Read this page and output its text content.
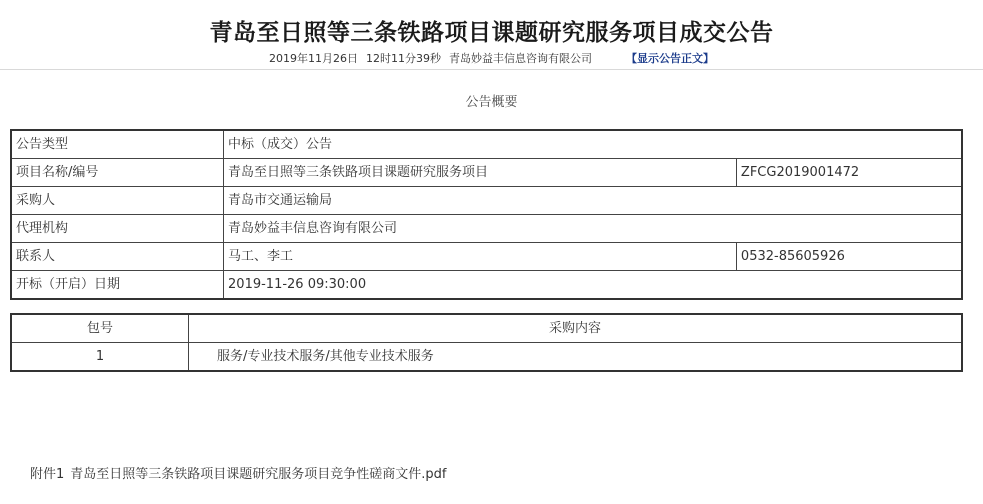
青岛至日照等三条铁路项目课题研究服务项目成交公告
2019年11月26日 12时11分39秒 青岛妙益丰信息咨询有限公司	【显示公告正文】
公告概要
公告类型	中标（成交）公告	
项目名称/编号	青岛至日照等三条铁路项目课题研究服务项目	ZFCG2019001472
采购人	青岛市交通运输局	
代理机构	青岛妙益丰信息咨询有限公司	
联系人	马工、李工	0532-85605926
开标（开启）日期	2019-11-26 09:30:00	
包号	采购内容
1	服务/专业技术服务/其他专业技术服务
附件1 青岛至日照等三条铁路项目课题研究服务项目竞争性磋商文件.pdf
